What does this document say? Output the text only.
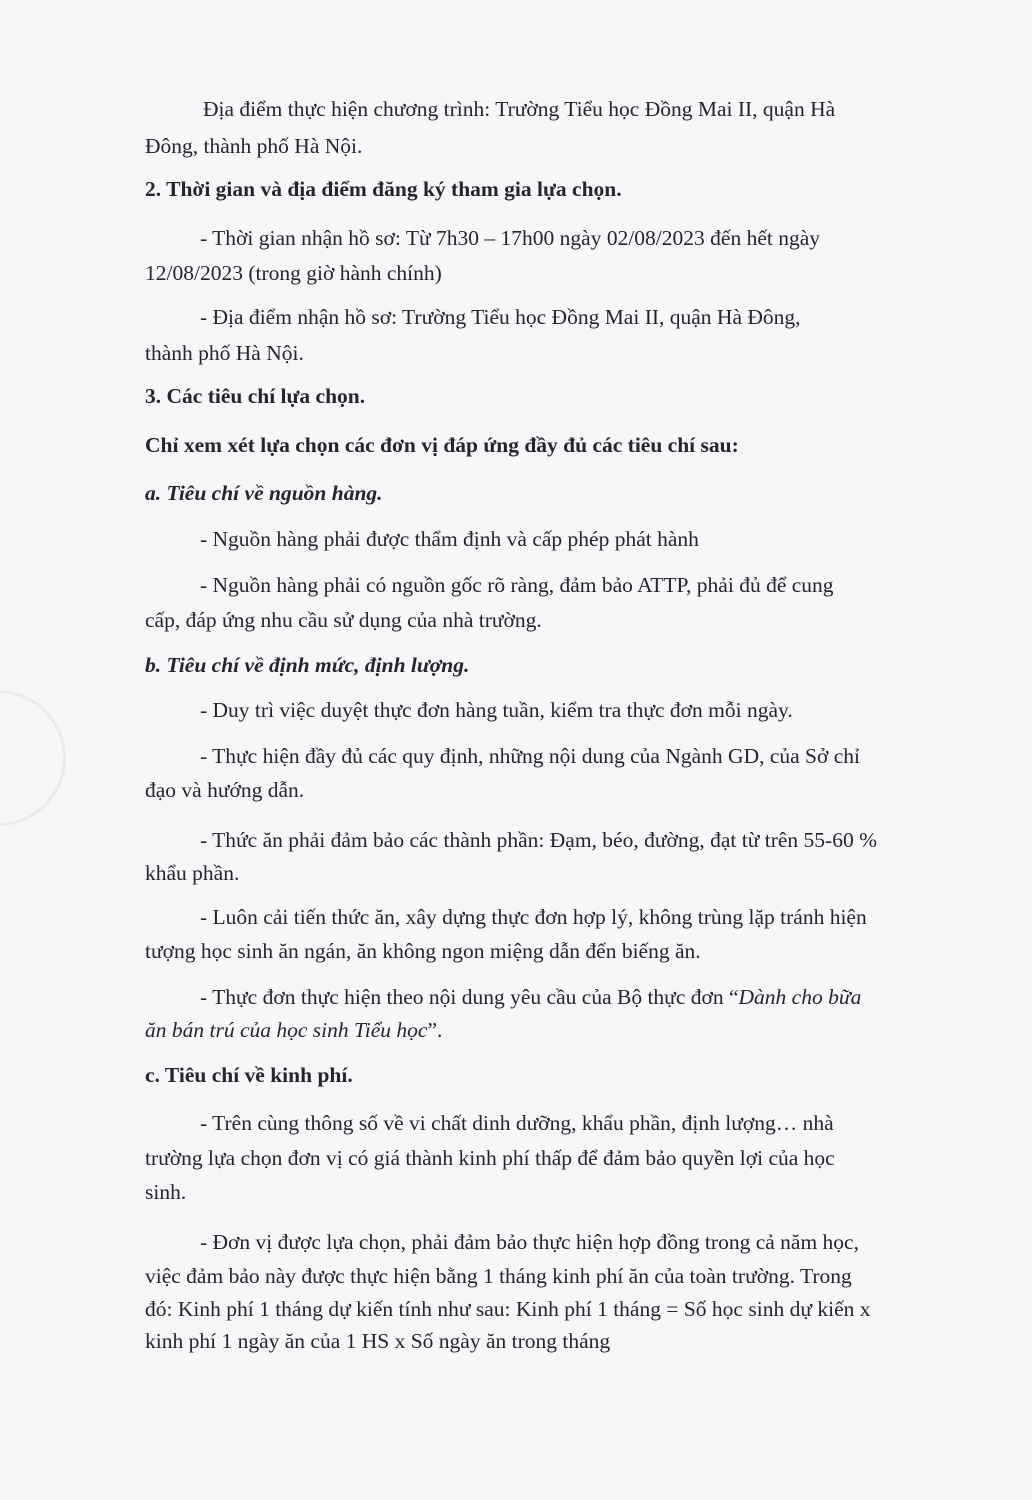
Địa điểm thực hiện chương trình: Trường Tiểu học Đồng Mai II, quận Hà
Đông, thành phố Hà Nội.
2. Thời gian và địa điểm đăng ký tham gia lựa chọn.
- Thời gian nhận hồ sơ: Từ 7h30 – 17h00 ngày 02/08/2023 đến hết ngày
12/08/2023 (trong giờ hành chính)
- Địa điểm nhận hồ sơ: Trường Tiểu học Đồng Mai II, quận Hà Đông,
thành phố Hà Nội.
3. Các tiêu chí lựa chọn.
Chỉ xem xét lựa chọn các đơn vị đáp ứng đầy đủ các tiêu chí sau:
a. Tiêu chí về nguồn hàng.
- Nguồn hàng phải được thẩm định và cấp phép phát hành
- Nguồn hàng phải có nguồn gốc rõ ràng, đảm bảo ATTP, phải đủ để cung
cấp, đáp ứng nhu cầu sử dụng của nhà trường.
b. Tiêu chí về định mức, định lượng.
- Duy trì việc duyệt thực đơn hàng tuần, kiểm tra thực đơn mỗi ngày.
- Thực hiện đầy đủ các quy định, những nội dung của Ngành GD, của Sở chỉ
đạo và hướng dẫn.
- Thức ăn phải đảm bảo các thành phần: Đạm, béo, đường, đạt từ trên 55-60 %
khẩu phần.
- Luôn cải tiến thức ăn, xây dựng thực đơn hợp lý, không trùng lặp tránh hiện
tượng học sinh ăn ngán, ăn không ngon miệng dẫn đến biếng ăn.
- Thực đơn thực hiện theo nội dung yêu cầu của Bộ thực đơn “Dành cho bữa
ăn bán trú của học sinh Tiểu học”.
c. Tiêu chí về kinh phí.
- Trên cùng thông số về vi chất dinh dưỡng, khẩu phần, định lượng… nhà
trường lựa chọn đơn vị có giá thành kinh phí thấp để đảm bảo quyền lợi của học
sinh.
- Đơn vị được lựa chọn, phải đảm bảo thực hiện hợp đồng trong cả năm học,
việc đảm bảo này được thực hiện bằng 1 tháng kinh phí ăn của toàn trường. Trong
đó: Kinh phí 1 tháng dự kiến tính như sau: Kinh phí 1 tháng = Số học sinh dự kiến x
kinh phí 1 ngày ăn của 1 HS x Số ngày ăn trong tháng
